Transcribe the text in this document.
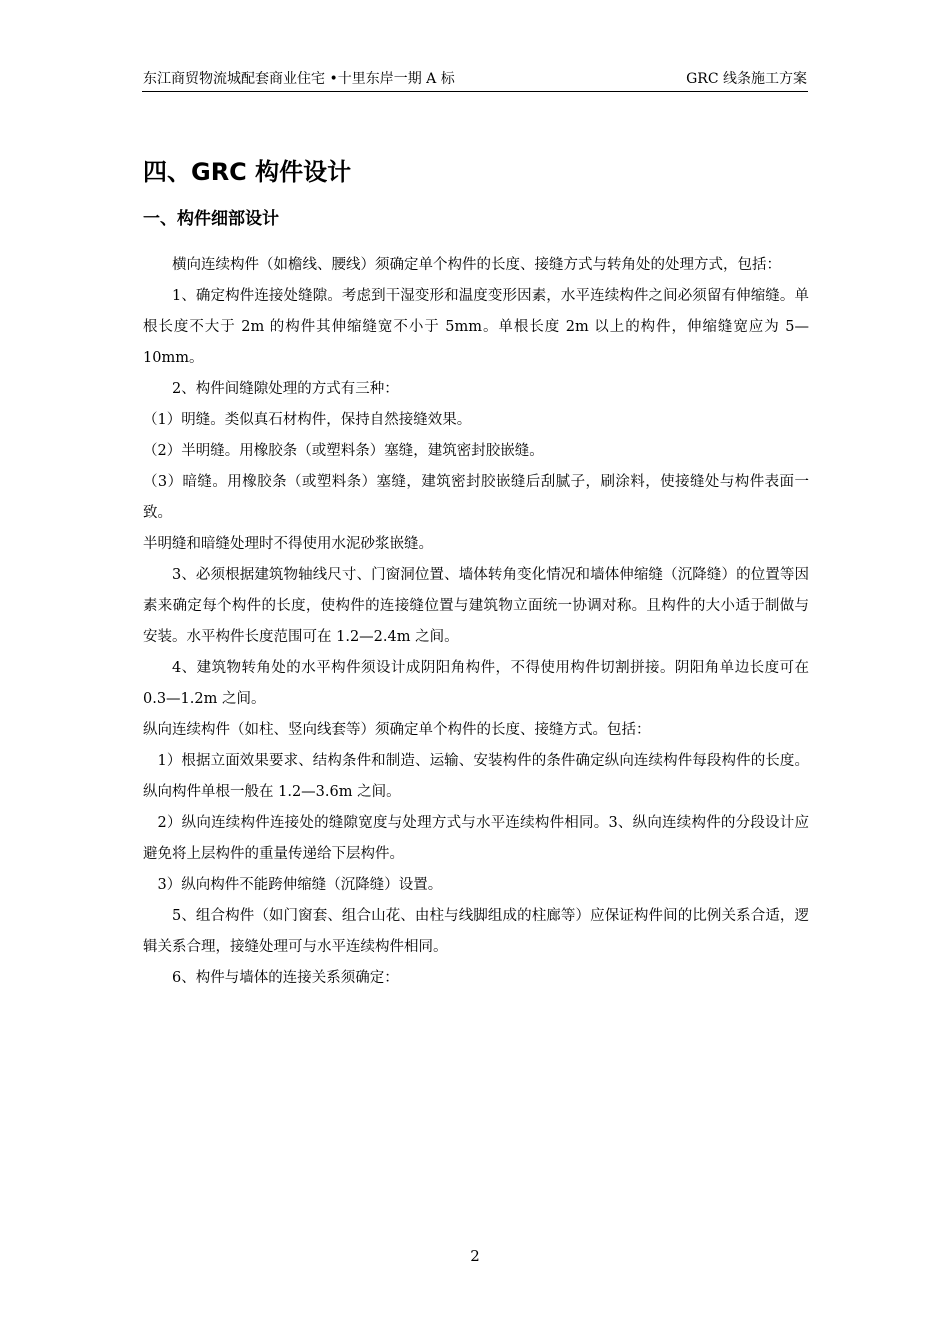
东江商贸物流城配套商业住宅 •十里东岸一期 A 标	GRC 线条施工方案
四、GRC 构件设计
一、构件细部设计

横向连续构件（如檐线、腰线）须确定单个构件的长度、接缝方式与转角处的处理方式，包括：

1、确定构件连接处缝隙。考虑到干湿变形和温度变形因素，水平连续构件之间必须留有伸缩缝。单根长度不大于 2m 的构件其伸缩缝宽不小于 5mm。单根长度 2m 以上的构件，伸缩缝宽应为 5—10mm。

2、构件间缝隙处理的方式有三种：

（1）明缝。类似真石材构件，保持自然接缝效果。

（2）半明缝。用橡胶条（或塑料条）塞缝，建筑密封胶嵌缝。

（3）暗缝。用橡胶条（或塑料条）塞缝，建筑密封胶嵌缝后刮腻子，刷涂料，使接缝处与构件表面一致。

半明缝和暗缝处理时不得使用水泥砂浆嵌缝。

3、必须根据建筑物轴线尺寸、门窗洞位置、墙体转角变化情况和墙体伸缩缝（沉降缝）的位置等因素来确定每个构件的长度，使构件的连接缝位置与建筑物立面统一协调对称。且构件的大小适于制做与安装。水平构件长度范围可在 1.2—2.4m 之间。

4、建筑物转角处的水平构件须设计成阴阳角构件，不得使用构件切割拼接。阴阳角单边长度可在 0.3—1.2m 之间。

纵向连续构件（如柱、竖向线套等）须确定单个构件的长度、接缝方式。包括：

1）根据立面效果要求、结构条件和制造、运输、安装构件的条件确定纵向连续构件每段构件的长度。纵向构件单根一般在 1.2—3.6m 之间。

2）纵向连续构件连接处的缝隙宽度与处理方式与水平连续构件相同。3、纵向连续构件的分段设计应避免将上层构件的重量传递给下层构件。

3）纵向构件不能跨伸缩缝（沉降缝）设置。

5、组合构件（如门窗套、组合山花、由柱与线脚组成的柱廊等）应保证构件间的比例关系合适，逻辑关系合理，接缝处理可与水平连续构件相同。

6、构件与墙体的连接关系须确定：

2
